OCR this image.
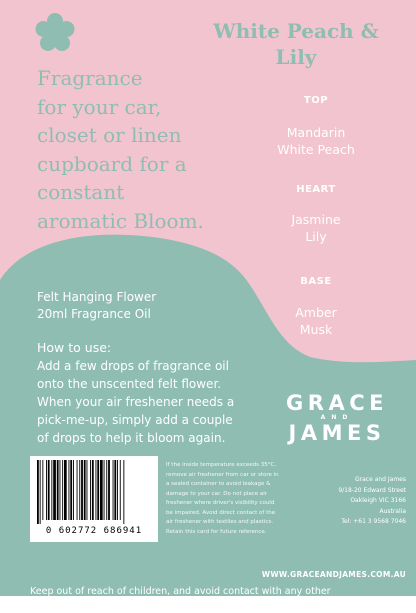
White Peach & Lily
Fragrance
for your car,
closet or linen
cupboard for a
constant
aromatic Bloom.
TOP
Mandarin
White Peach
HEART
Jasmine
Lily
BASE
Amber
Musk
Felt Hanging Flower
20ml Fragrance Oil
How to use:
Add a few drops of fragrance oil
onto the unscented felt flower.
When your air freshener needs a
pick-me-up, simply add a couple
of drops to help it bloom again.
GRACE
AND
JAMES
0 602772 686941
If the inside temperature exceeds 35°C,
remove air freshener from car or store in
a sealed container to avoid leakage &
damage to your car. Do not place air
freshener where driver's visibility could
be impaired. Avoid direct contact of the
air freshener with textiles and plastics.
Retain this card for future reference.
Grace and James
9/18-20 Edward Street
Oakleigh VIC 3166
Australia
Tel: +61 3 9568 7046
WWW.GRACEANDJAMES.COM.AU
Keep out of reach of children, and avoid contact with any other
surfaces. If a spills occurs, wipe immediately with a damp cloth.
